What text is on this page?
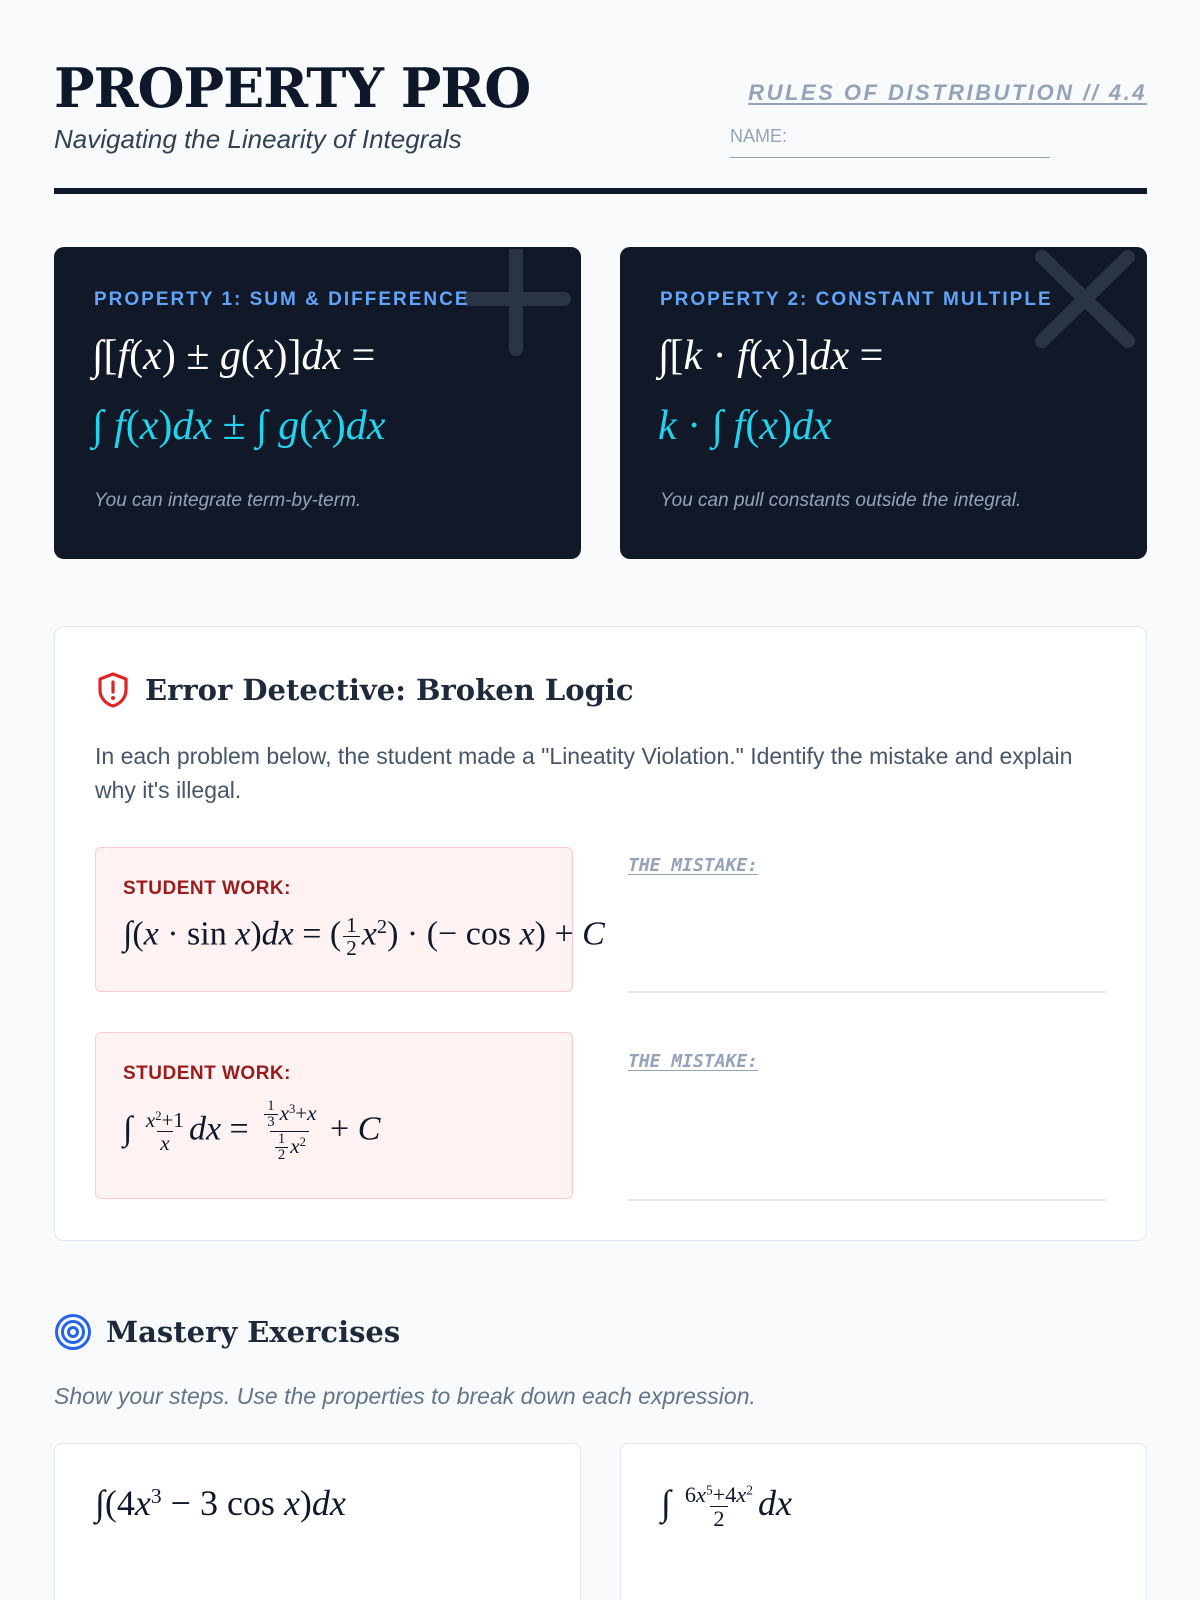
PROPERTY PRO
Navigating the Linearity of Integrals
RULES OF DISTRIBUTION // 4.4
NAME:
PROPERTY 1: SUM & DIFFERENCE
∫[f(x) ± g(x)]dx =
∫ f(x)dx ± ∫ g(x)dx
You can integrate term-by-term.
PROPERTY 2: CONSTANT MULTIPLE
∫[k · f(x)]dx =
k · ∫ f(x)dx
You can pull constants outside the integral.
Error Detective: Broken Logic
In each problem below, the student made a "Lineatity Violation." Identify the mistake and explain why it's illegal.
STUDENT WORK:
∫(x · sin x)dx = ( $\frac{1}{2} x^2$) · (− cos x) + C
THE MISTAKE:
STUDENT WORK:
∫ $\frac{x^2+1}{x}$ dx = $\frac{\frac{1}{3} x^3+x}{\frac{1}{2} x^2} + C$
THE MISTAKE:
Mastery Exercises
Show your steps. Use the properties to break down each expression.
$\int(4x^3 - 3$ cos x)dx	∫ $\frac{6x^5+4x^2}{2}$ dx
